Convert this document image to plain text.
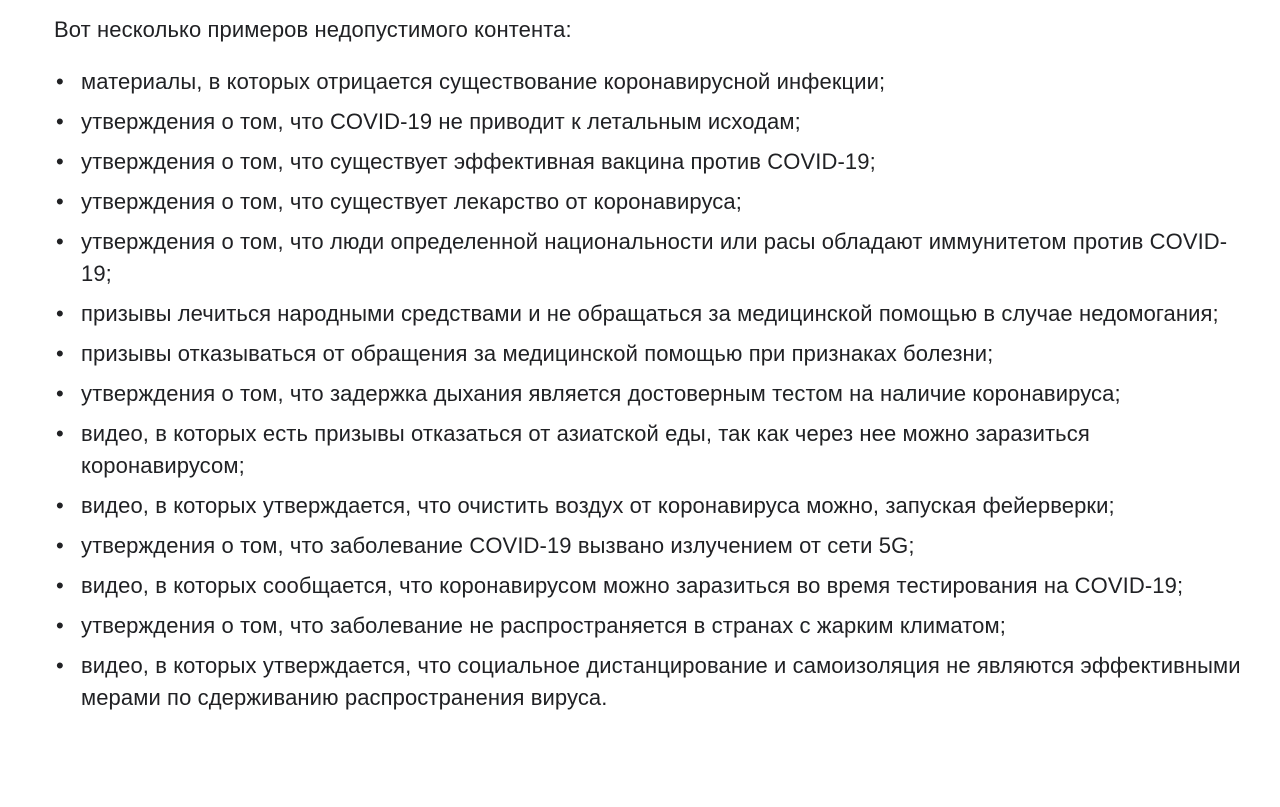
Вот несколько примеров недопустимого контента:

• материалы, в которых отрицается существование коронавирусной инфекции;
• утверждения о том, что COVID-19 не приводит к летальным исходам;
• утверждения о том, что существует эффективная вакцина против COVID-19;
• утверждения о том, что существует лекарство от коронавируса;
• утверждения о том, что люди определенной национальности или расы обладают иммунитетом против COVID-19;
• призывы лечиться народными средствами и не обращаться за медицинской помощью в случае недомогания;
• призывы отказываться от обращения за медицинской помощью при признаках болезни;
• утверждения о том, что задержка дыхания является достоверным тестом на наличие коронавируса;
• видео, в которых есть призывы отказаться от азиатской еды, так как через нее можно заразиться коронавирусом;
• видео, в которых утверждается, что очистить воздух от коронавируса можно, запуская фейерверки;
• утверждения о том, что заболевание COVID-19 вызвано излучением от сети 5G;
• видео, в которых сообщается, что коронавирусом можно заразиться во время тестирования на COVID-19;
• утверждения о том, что заболевание не распространяется в странах с жарким климатом;
• видео, в которых утверждается, что социальное дистанцирование и самоизоляция не являются эффективными мерами по сдерживанию распространения вируса.
